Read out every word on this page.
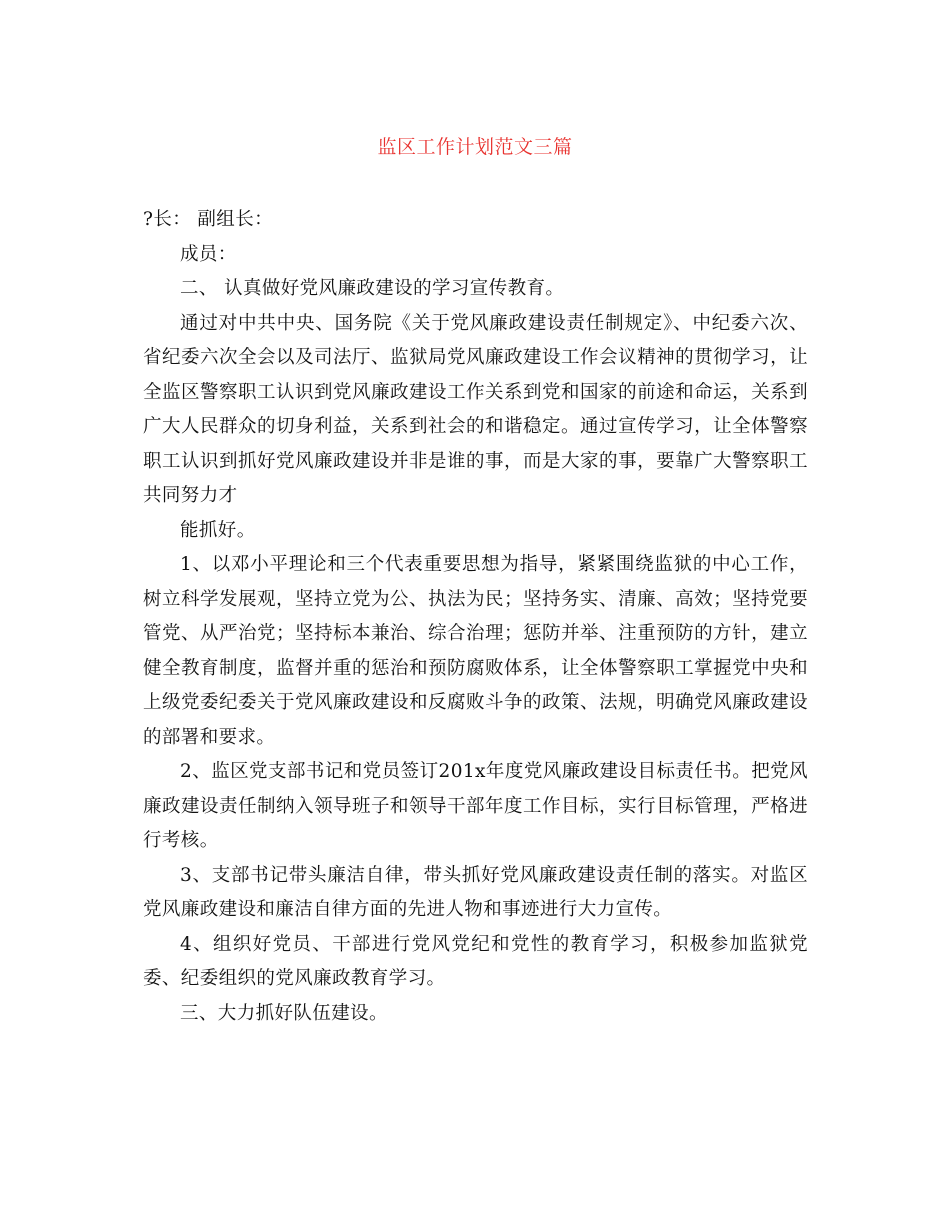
监区工作计划范文三篇

?长： 副组长：

成员：

二、 认真做好党风廉政建设的学习宣传教育。

通过对中共中央、国务院《关于党风廉政建设责任制规定》、中纪委六次、省纪委六次全会以及司法厅、监狱局党风廉政建设工作会议精神的贯彻学习，让全监区警察职工认识到党风廉政建设工作关系到党和国家的前途和命运，关系到广大人民群众的切身利益，关系到社会的和谐稳定。通过宣传学习，让全体警察职工认识到抓好党风廉政建设并非是谁的事，而是大家的事，要靠广大警察职工共同努力才

能抓好。

1、以邓小平理论和三个代表重要思想为指导，紧紧围绕监狱的中心工作，树立科学发展观，坚持立党为公、执法为民；坚持务实、清廉、高效；坚持党要管党、从严治党；坚持标本兼治、综合治理；惩防并举、注重预防的方针，建立健全教育制度，监督并重的惩治和预防腐败体系，让全体警察职工掌握党中央和上级党委纪委关于党风廉政建设和反腐败斗争的政策、法规，明确党风廉政建设的部署和要求。

2、监区党支部书记和党员签订201x年度党风廉政建设目标责任书。把党风廉政建设责任制纳入领导班子和领导干部年度工作目标，实行目标管理，严格进行考核。

3、支部书记带头廉洁自律，带头抓好党风廉政建设责任制的落实。对监区党风廉政建设和廉洁自律方面的先进人物和事迹进行大力宣传。

4、组织好党员、干部进行党风党纪和党性的教育学习，积极参加监狱党委、纪委组织的党风廉政教育学习。

三、大力抓好队伍建设。
